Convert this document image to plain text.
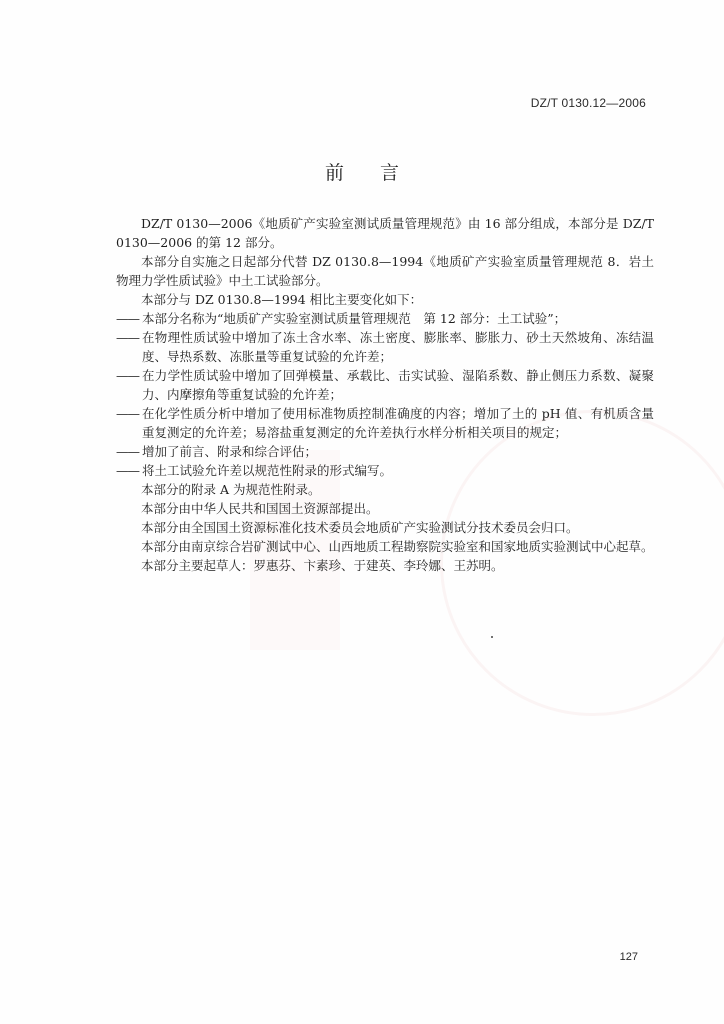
DZ/T 0130.12—2006
前言

DZ/T 0130—2006《地质矿产实验室测试质量管理规范》由 16 部分组成，本部分是 DZ/T 0130—2006 的第 12 部分。

本部分自实施之日起部分代替 DZ 0130.8—1994《地质矿产实验室质量管理规范 8．岩土物理力学性质试验》中土工试验部分。

本部分与 DZ 0130.8—1994 相比主要变化如下：

—— 本部分名称为“地质矿产实验室测试质量管理规范　第 12 部分：土工试验”；
—— 在物理性质试验中增加了冻土含水率、冻土密度、膨胀率、膨胀力、砂土天然坡角、冻结温度、导热系数、冻胀量等重复试验的允许差；
—— 在力学性质试验中增加了回弹模量、承载比、击实试验、湿陷系数、静止侧压力系数、凝聚力、内摩擦角等重复试验的允许差；
—— 在化学性质分析中增加了使用标准物质控制准确度的内容；增加了土的 pH 值、有机质含量重复测定的允许差；易溶盐重复测定的允许差执行水样分析相关项目的规定；
—— 增加了前言、附录和综合评估；
—— 将土工试验允许差以规范性附录的形式编写。

本部分的附录 A 为规范性附录。

本部分由中华人民共和国国土资源部提出。

本部分由全国国土资源标准化技术委员会地质矿产实验测试分技术委员会归口。

本部分由南京综合岩矿测试中心、山西地质工程勘察院实验室和国家地质实验测试中心起草。

本部分主要起草人：罗惠芬、卞素珍、于建英、李玲娜、王苏明。

127
